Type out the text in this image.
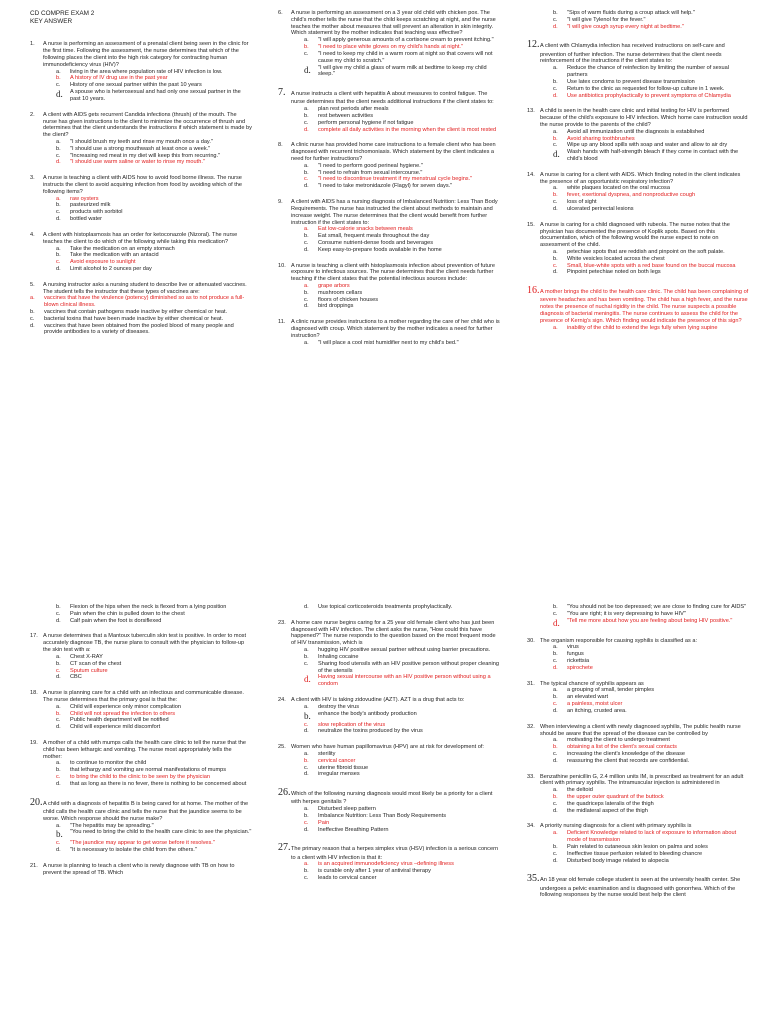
CD COMPRE EXAM 2
KEY ANSWER
1. A nurse is performing an assessment of a prenatal client being seen in the clinic for the first time. Following the assessment, the nurse determines that which of the following places the client into the high risk category for contracting human immunodeficiency virus (HIV)?
a.	living in the area where population rate of HIV infection is low.
b.	A history of IV drug use in the past year
c.	History of one sexual partner within the past 10 years
d.	A spouse who is heterosexual and had only one sexual partner in the past 10 years.
2. A client with AIDS gets recurrent Candida infections (thrush) of the mouth. The nurse has given instructions to the client to minimize the occurrence of thrush and determines that the client understands the instructions if which statement is made by the client?
a.	"I should brush my teeth and rinse my mouth once a day."
b.	"I should use a strong mouthwash at least once a week."
c.	"Increasing red meat in my diet will keep this from recurring."
d.	"I should use warm saline or water to rinse my mouth."
3. A nurse is teaching a client with AIDS how to avoid food borne illness. The nurse instructs the client to avoid acquiring infection from food by avoiding which of the following items?
a.	raw oysters
b.	pasteurized milk
c.	products with sorbitol
d.	bottled water
4. A client with histoplasmosis has an order for ketoconazole (Nizoral). The nurse teaches the client to do which of the following while taking this medication?
a.	Take the medication on an empty stomach
b.	Take the medication with an antacid
c.	Avoid exposure to sunlight
d.	Limit alcohol to 2 ounces per day
5. A nursing instructor asks a nursing student to describe live or attenuated vaccines. The student tells the instructor that these types of vaccines are:
a.	vaccines that have the virulence (potency) diminished so as to not produce a full-blown clinical illness.
b.	vaccines that contain pathogens made inactive by either chemical or heat.
c.	bacterial toxins that have been made inactive by either chemical or heat.
d.	vaccines that have been obtained from the pooled blood of many people and provide antibodies to a variety of diseases.
6. A nurse is performing an assessment on a 3 year old child with chicken pox. The child's mother tells the nurse that the child keeps scratching at night, and the nurse teaches the mother about measures that will prevent an alteration in skin integrity. Which statement by the mother indicates that teaching was effective?
a.	"I will apply generous amounts of a cortisone cream to prevent itching."
b.	"I need to place white gloves on my child's hands at night."
c.	"I need to keep my child in a warm room at night so that covers will not cause my child to scratch."
d.	"I will give my child a glass of warm milk at bedtime to keep my child sleep."
7. A nurse instructs a client with hepatitis A about measures to control fatigue. The nurse determines that the client needs additional instructions if the client states to:
a.	plan rest periods after meals
b.	rest between activities
c.	perform personal hygiene if not fatigue
d.	complete all daily activities in the morning when the client is most rested
8. A clinic nurse has provided home care instructions to a female client who has been diagnosed with recurrent trichomoniasis. Which statement by the client indicates a need for further instructions?
a.	"I need to perform good perineal hygiene."
b.	"I need to refrain from sexual intercourse."
c.	"I need to discontinue treatment if my menstrual cycle begins."
d.	"I need to take metronidazole (Flagyl) for seven days."
9. A client with AIDS has a nursing diagnosis of Imbalanced Nutrition: Less Than Body Requirements. The nurse has instructed the client about methods to maintain and increase weight. The nurse determines that the client would benefit from further instruction if the client states to:
a.	Eat low-calorie snacks between meals
b.	Eat small, frequent meals throughout the day
c.	Consume nutrient-dense foods and beverages
d.	Keep easy-to-prepare foods available in the home
10. A nurse is teaching a client with histoplasmosis infection about prevention of future exposure to infectious sources. The nurse determines that the client needs further teaching if the client states that the potential infectious sources include:
a.	grape arbors
b.	mushroom cellars
c.	floors of chicken houses
d.	bird droppings
11. A clinic nurse provides instructions to a mother regarding the care of her child who is diagnosed with croup. Which statement by the mother indicates a need for further instruction?
a.	"I will place a cool mist humidifier next to my child's bed."
b.	"Sips of warm fluids during a croup attack will help."
c.	"I will give Tylenol for the fever."
d.	"I will give cough syrup every night at bedtime."
12.A client with Chlamydia infection has received instructions on self-care and prevention of further infection. The nurse determines that the client needs reinforcement of the instructions if the client states to:
a.	Reduce the chance of reinfection by limiting the number of sexual partners
b.	Use latex condoms to prevent disease transmission
c.	Return to the clinic as requested for follow-up culture in 1 week.
d.	Use antibiotics prophylactically to prevent symptoms of Chlamydia
13. A child is seen in the health care clinic and initial testing for HIV is performed because of the child's exposure to HIV infection. Which home care instruction would the nurse provide to the parents of the child?
a.	Avoid all immunization until the diagnosis is established
b.	Avoid sharing toothbrushes
c.	Wipe up any blood spills with soap and water and allow to air dry
d.	Wash hands with half-strength bleach if they come in contact with the child's blood
14. A nurse is caring for a client with AIDS. Which finding noted in the client indicates the presence of an opportunistic respiratory infection?
a.	white plaques located on the oral mucosa
b.	fever, exertional dyspnea, and nonproductive cough
c.	loss of sight
d.	ulcerated perirectal lesions
15. A nurse is caring for a child diagnosed with rubeola. The nurse notes that the physician has documented the presence of Koplik spots. Based on this documentation, which of the following would the nurse expect to note on assessment of the child.
a.	petechiae spots that are reddish and pinpoint on the soft palate.
b.	White vesicles located across the chest
c.	Small, blue-white spots with a red base found on the buccal mucosa
d.	Pinpoint petechiae noted on both legs
16.A mother brings the child to the health care clinic. The child has been complaining of severe headaches and has been vomiting. The child has a high fever, and the nurse notes the presence of nuchal rigidity in the child. The nurse suspects a possible diagnosis of bacterial meningitis. The nurse continues to assess the child for the presence of Kernig's sign. Which finding would indicate the presence of this sign?
a.	inability of the child to extend the legs fully when lying supine
b.	Flexion of the hips when the neck is flexed from a lying position
c.	Pain when the chin is pulled down to the chest
d.	Calf pain when the foot is dorsiflexed
17. A nurse determines that a Mantoux tuberculin skin test is positive. In order to most accurately diagnose TB, the nurse plans to consult with the physician to follow-up the skin test with a:
a.	Chest X-RAY
b.	CT scan of the chest
c.	Sputum culture
d.	CBC
18. A nurse is planning care for a child with an infectious and communicable disease. The nurse determines that the primary goal is that the:
a.	Child will experience only minor complication
b.	Child will not spread the infection to others
c.	Public health department will be notified
d.	Child will experience mild discomfort
19. A mother of a child with mumps calls the health care clinic to tell the nurse that the child has been lethargic and vomiting. The nurse most appropriately tells the mother:
a.	to continue to monitor the child
b.	that lethargy and vomiting are normal manifestations of mumps
c.	to bring the child to the clinic to be seen by the physician
d.	that as long as there is no fever, there is nothing to be concerned about
20.A child with a diagnosis of hepatitis B is being cared for at home. The mother of the child calls the health care clinic and tells the nurse that the jaundice seems to be worse. Which response should the nurse make?
a.	"The hepatitis may be spreading."
b.	"You need to bring the child to the health care clinic to see the physician."
c.	"The jaundice may appear to get worse before it resolves."
d.	"It is necessary to isolate the child from the others."
21. A nurse is planning to teach a client who is newly diagnose with TB on how to prevent the spread of TB. Which
d.	Use topical corticosteroids treatments prophylactically.
23. A home care nurse begins caring for a 25 year old female client who has just been diagnosed with HIV infection. The client asks the nurse, "How could this have happened?" The nurse responds to the question based on the most frequent mode of HIV transmission, which is
a.	hugging HIV positive sexual partner without using barrier precautions.
b.	Inhaling cocaine
c.	Sharing food utensils with an HIV positive person without proper cleaning of the utensils
d.	Having sexual intercourse with an HIV positive person without using a condom
24. A client with HIV is taking zidovudine (AZT). AZT is a drug that acts to:
a.	destroy the virus
b.	enhance the body's antibody production
c.	slow replication of the virus
d.	neutralize the toxins produced by the virus
25. Women who have human papillomavirus (HPV) are at risk for development of:
a.	sterility
b.	cervical cancer
c.	uterine fibroid tissue
d.	irregular menses
26.Which of the following nursing diagnosis would most likely be a priority for a client with herpes genitalis ?
a.	Disturbed sleep pattern
b.	Imbalance Nutrition: Less Than Body Requirements
c.	Pain
d.	Ineffective Breathing Pattern
27.The primary reason that a herpes simplex virus (HSV) infection is a serious concern to a client with HIV infection is that it:
a.	is an acquired immunodeficiency virus –defining illness
b.	is curable only after 1 year of antiviral therapy
c.	leads to cervical cancer
b.	"You should not be too depressed; we are close to finding cure for AIDS"
c.	"You are right; it is very depressing to have HIV"
d.	"Tell me more about how you are feeling about being HIV positive."
30. The organism responsible for causing syphilis is classified as a:
a.	virus
b.	fungus
c.	rickettsia
d.	spirochete
31. The typical chancre of syphilis appears as
a.	a grouping of small, tender pimples
b.	an elevated wart
c.	a painless, moist ulcer
d.	an itching, crusted area.
32. When interviewing a client with newly diagnosed syphilis, The public health nurse should be aware that the spread of the disease can be controlled by
a.	motivating the client to undergo treatment
b.	obtaining a list of the client's sexual contacts
c.	increasing the client's knowledge of the disease
d.	reassuring the client that records are confidential.
33. Benzathine penicillin G, 2.4 million units IM, is prescribed as treatment for an adult client with primary syphilis. The intramuscular injection is administered in
a.	the deltoid
b.	the upper outer quadrant of the buttock
c.	the quadriceps lateralis of the thigh
d.	the midlateral aspect of the thigh
34. A priority nursing diagnosis for a client with primary syphilis is
a.	Deficient Knowledge related to lack of exposure to information about mode of transmission
b.	Pain related to cutaneous skin lesion on palms and soles
c.	Ineffective tissue perfusion related to bleeding chancre
d.	Disturbed body image related to alopecia
35.An 18 year old female college student is seen at the university health center. She undergoes a pelvic examination and is diagnosed with gonorrhea. Which of the following responses by the nurse would best help the client
